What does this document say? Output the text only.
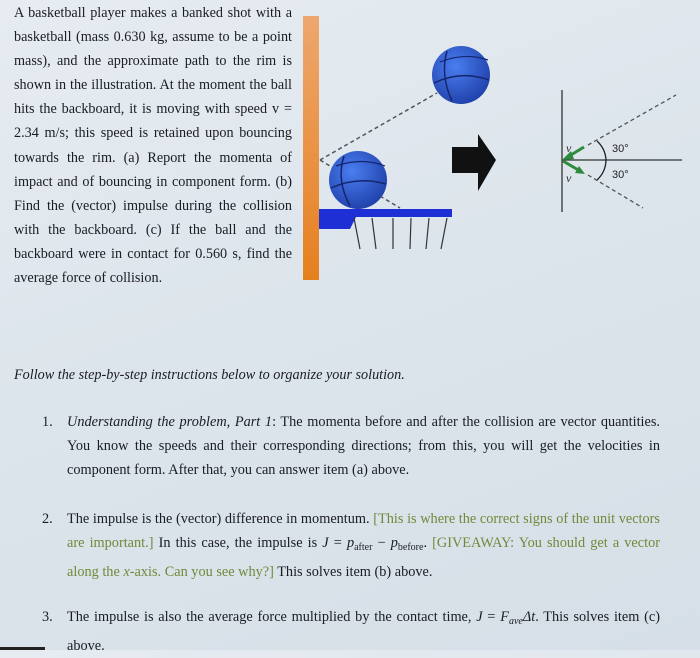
A basketball player makes a banked shot with a basketball (mass 0.630 kg, assume to be a point mass), and the approximate path to the rim is shown in the illustration. At the moment the ball hits the backboard, it is moving with speed v = 2.34 m/s; this speed is retained upon bouncing towards the rim. (a) Report the momenta of impact and of bouncing in component form. (b) Find the (vector) impulse during the collision with the backboard. (c) If the ball and the backboard were in contact for 0.560 s, find the average force of collision.

v
v
30°
30°
Follow the step-by-step instructions below to organize your solution.
1. Understanding the problem, Part 1: The momenta before and after the collision are vector quantities. You know the speeds and their corresponding directions; from this, you will get the velocities in component form. After that, you can answer item (a) above.
2. The impulse is the (vector) difference in momentum. [This is where the correct signs of the unit vectors are important.] In this case, the impulse is $J = p_{after} - p_{before}$. [GIVEAWAY: You should get a vector along the x-axis. Can you see why?] This solves item (b) above.
3. The impulse is also the average force multiplied by the contact time, $J = F_{ave}\Delta t$. This solves item (c) above.
